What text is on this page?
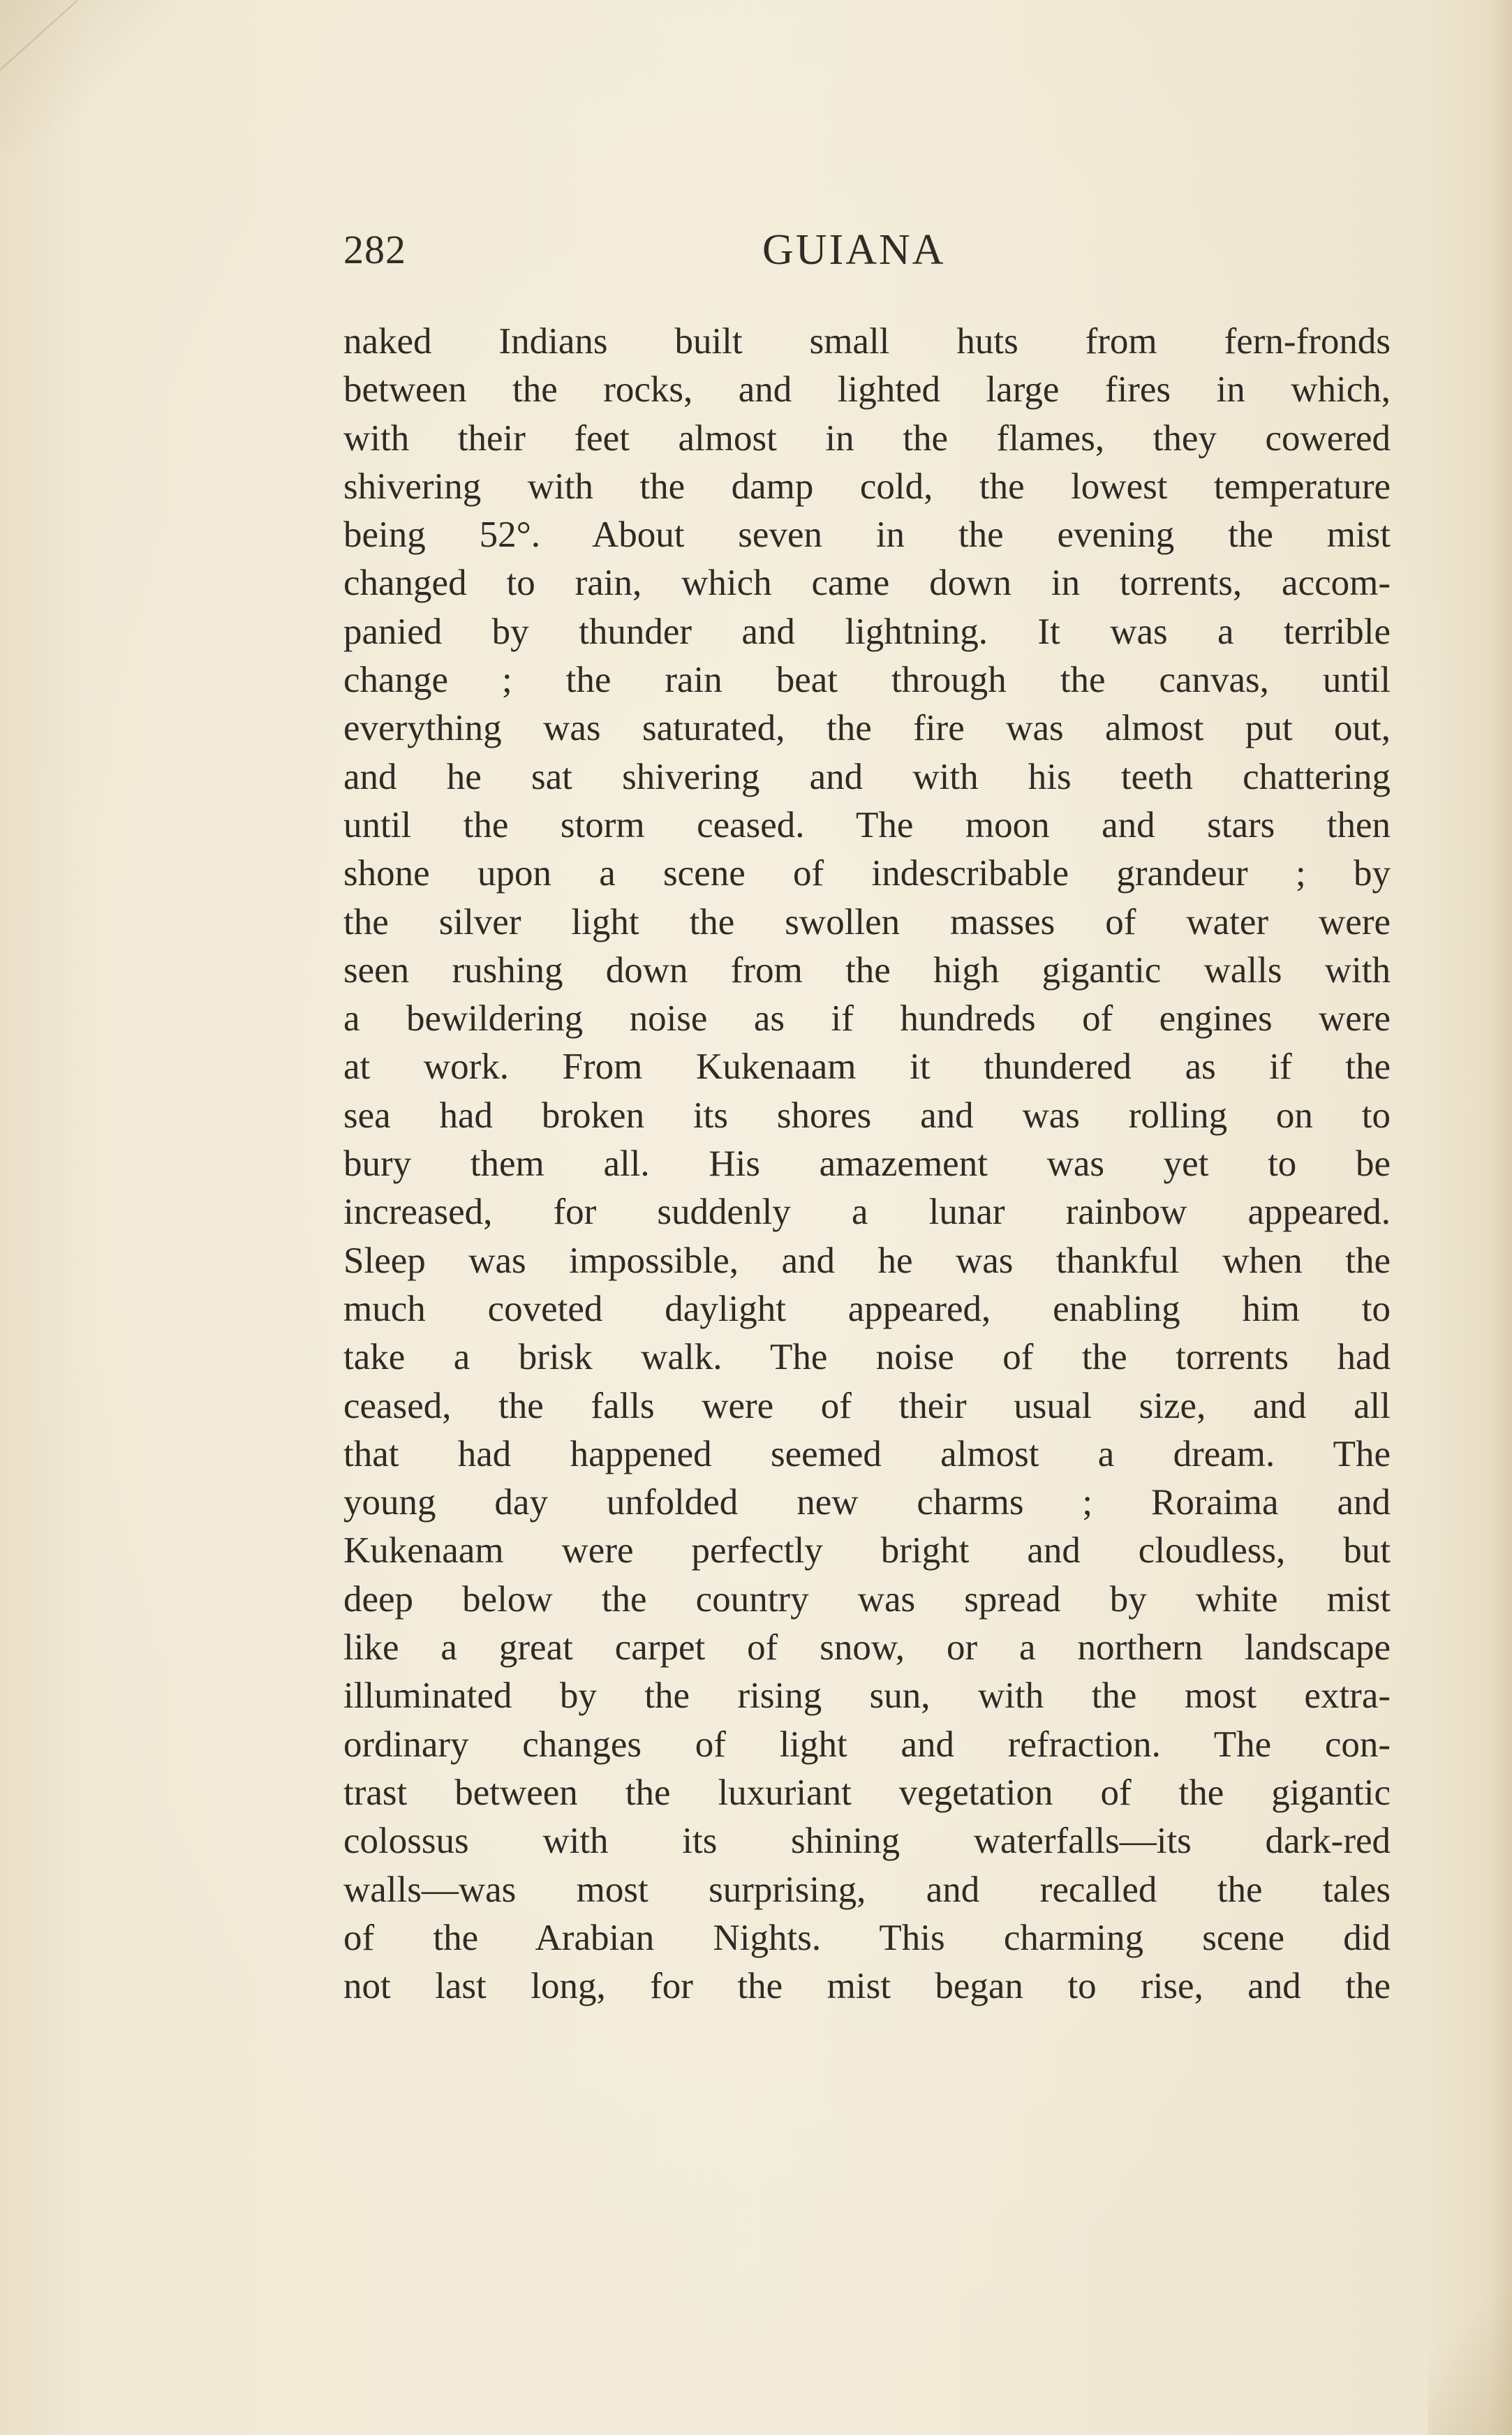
282	GUIANA
naked Indians built small huts from fern-fronds
between the rocks, and lighted large fires in which,
with their feet almost in the flames, they cowered
shivering with the damp cold, the lowest temperature
being 52°. About seven in the evening the mist
changed to rain, which came down in torrents, accom-
panied by thunder and lightning. It was a terrible
change ; the rain beat through the canvas, until
everything was saturated, the fire was almost put out,
and he sat shivering and with his teeth chattering
until the storm ceased. The moon and stars then
shone upon a scene of indescribable grandeur ; by
the silver light the swollen masses of water were
seen rushing down from the high gigantic walls with
a bewildering noise as if hundreds of engines were
at work. From Kukenaam it thundered as if the
sea had broken its shores and was rolling on to
bury them all. His amazement was yet to be
increased, for suddenly a lunar rainbow appeared.
Sleep was impossible, and he was thankful when the
much coveted daylight appeared, enabling him to
take a brisk walk. The noise of the torrents had
ceased, the falls were of their usual size, and all
that had happened seemed almost a dream. The
young day unfolded new charms ; Roraima and
Kukenaam were perfectly bright and cloudless, but
deep below the country was spread by white mist
like a great carpet of snow, or a northern landscape
illuminated by the rising sun, with the most extra-
ordinary changes of light and refraction. The con-
trast between the luxuriant vegetation of the gigantic
colossus with its shining waterfalls—its dark-red
walls—was most surprising, and recalled the tales
of the Arabian Nights. This charming scene did
not last long, for the mist began to rise, and the
